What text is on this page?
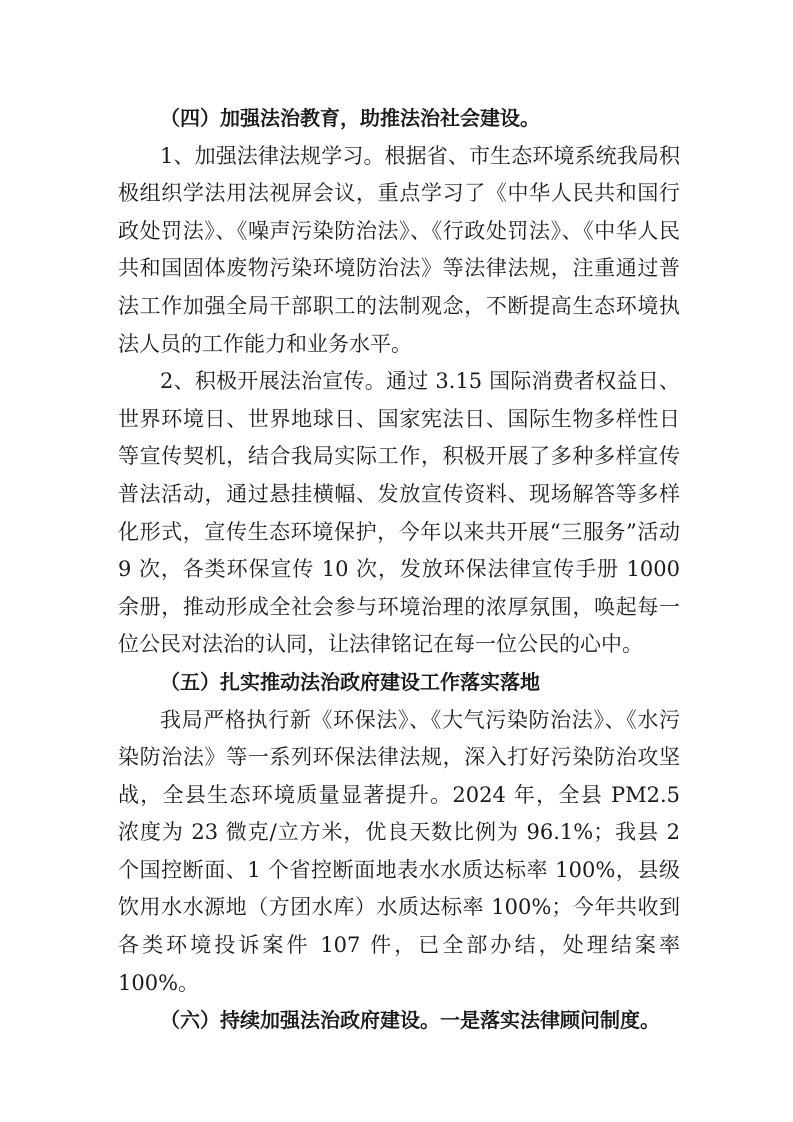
（四）加强法治教育，助推法治社会建设。

1、加强法律法规学习。根据省、市生态环境系统我局积极组织学法用法视屏会议，重点学习了《中华人民共和国行政处罚法》、《噪声污染防治法》、《行政处罚法》、《中华人民共和国固体废物污染环境防治法》等法律法规，注重通过普法工作加强全局干部职工的法制观念，不断提高生态环境执法人员的工作能力和业务水平。

2、积极开展法治宣传。通过 3.15 国际消费者权益日、世界环境日、世界地球日、国家宪法日、国际生物多样性日等宣传契机，结合我局实际工作，积极开展了多种多样宣传普法活动，通过悬挂横幅、发放宣传资料、现场解答等多样化形式，宣传生态环境保护，今年以来共开展“三服务”活动 9 次，各类环保宣传 10 次，发放环保法律宣传手册 1000 余册，推动形成全社会参与环境治理的浓厚氛围，唤起每一位公民对法治的认同，让法律铭记在每一位公民的心中。

（五）扎实推动法治政府建设工作落实落地

我局严格执行新《环保法》、《大气污染防治法》、《水污染防治法》等一系列环保法律法规，深入打好污染防治攻坚战，全县生态环境质量显著提升。2024 年，全县 PM2.5 浓度为 23 微克/立方米，优良天数比例为 96.1%；我县 2 个国控断面、1 个省控断面地表水水质达标率 100%，县级饮用水水源地（方团水库）水质达标率 100%；今年共收到各类环境投诉案件 107 件，已全部办结，处理结案率 100%。

（六）持续加强法治政府建设。一是落实法律顾问制度。
